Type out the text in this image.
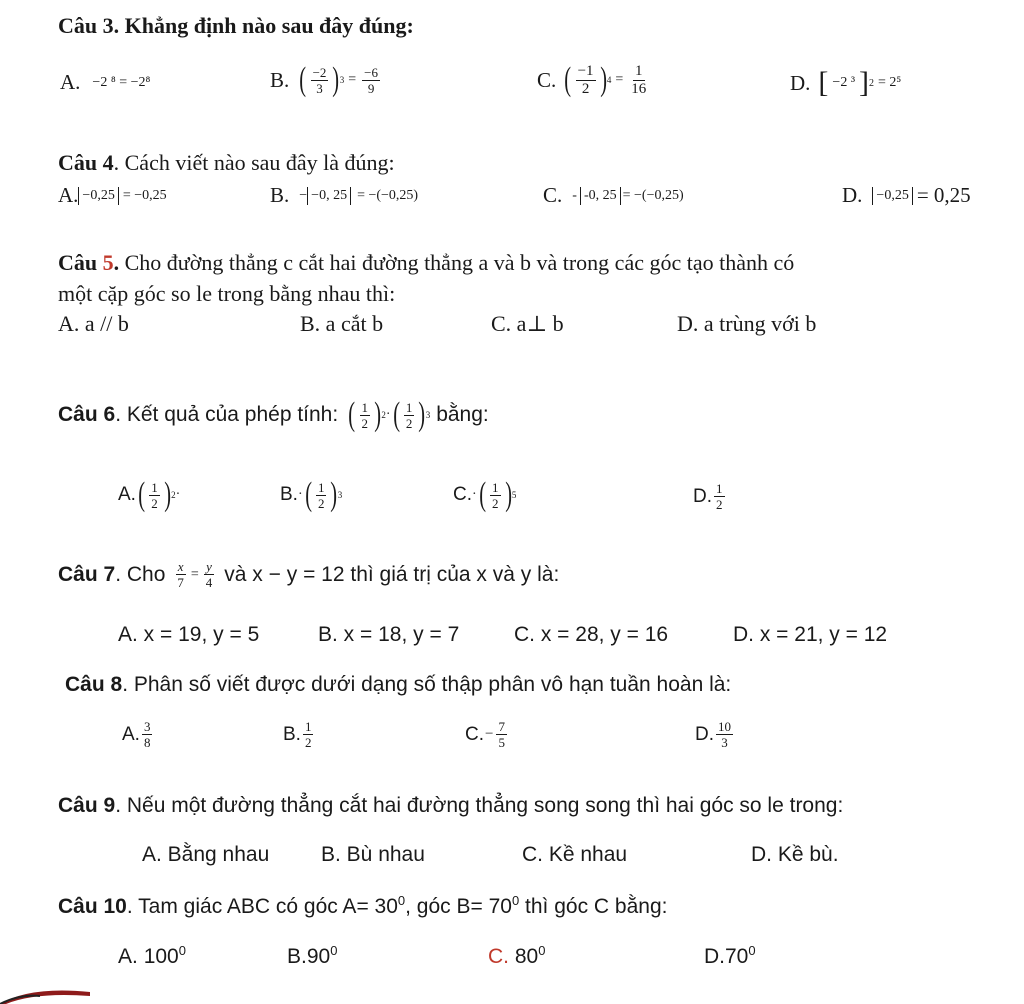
Câu 3. Khẳng định nào sau đây đúng:
A. −2 ⁸ = −2⁸	B. ( $\frac{-2}{3}$ ) $3 = \frac{-6}{9}$	C. ( $\frac{-1}{2}$ ) $4 = \frac{1}{16}$	D. [ −2 ³ ] 2 = 2⁵
Câu 4. Cách viết nào sau đây là đúng:
A. −0,25 = −0,25	B. − −0, 25 = −(−0,25)	C. - -0, 25 = −(−0,25)	D. −0,25 = 0,25
Câu 5. Cho đường thẳng c cắt hai đường thẳng a và b và trong các góc tạo thành có
một cặp góc so le trong bằng nhau thì:
A. a // b	B. a cắt b	C. a⊥ b	D. a trùng với b
Câu 6 . Kết quả của phép tính: ( $\frac{1}{2}$ ) 2 · ( $\frac{1}{2}$ ) 3 bằng:
A. ( $\frac{1}{2}$ ) 2 ·	B. · ( $\frac{1}{2}$ ) 3	C. · ( $\frac{1}{2}$ ) 5	D. $\frac{1}{2}$
Câu 7 . Cho $\frac{x}{7} = \frac{y}{4}$ và x − y = 12 thì giá trị của x và y là:
A. x = 19, y = 5	B. x = 18, y = 7	C. x = 28, y = 16	D. x = 21, y = 12
Câu 8. Phân số viết được dưới dạng số thập phân vô hạn tuần hoàn là:
A. $\frac{3}{8}$	B. $\frac{1}{2}$	C. − $\frac{7}{5}$	D. $\frac{10}{3}$
Câu 9. Nếu một đường thẳng cắt hai đường thẳng song song thì hai góc so le trong:
A. Bằng nhau B. Bù nhau	C. Kề nhau	D. Kề bù.
Câu 10. Tam giác ABC có góc $A= 30^0$, góc $B= 70^0$ thì góc C bằng:
A. $100^0$	$B.90^0$	C. $80^0$	$D.70^0$
